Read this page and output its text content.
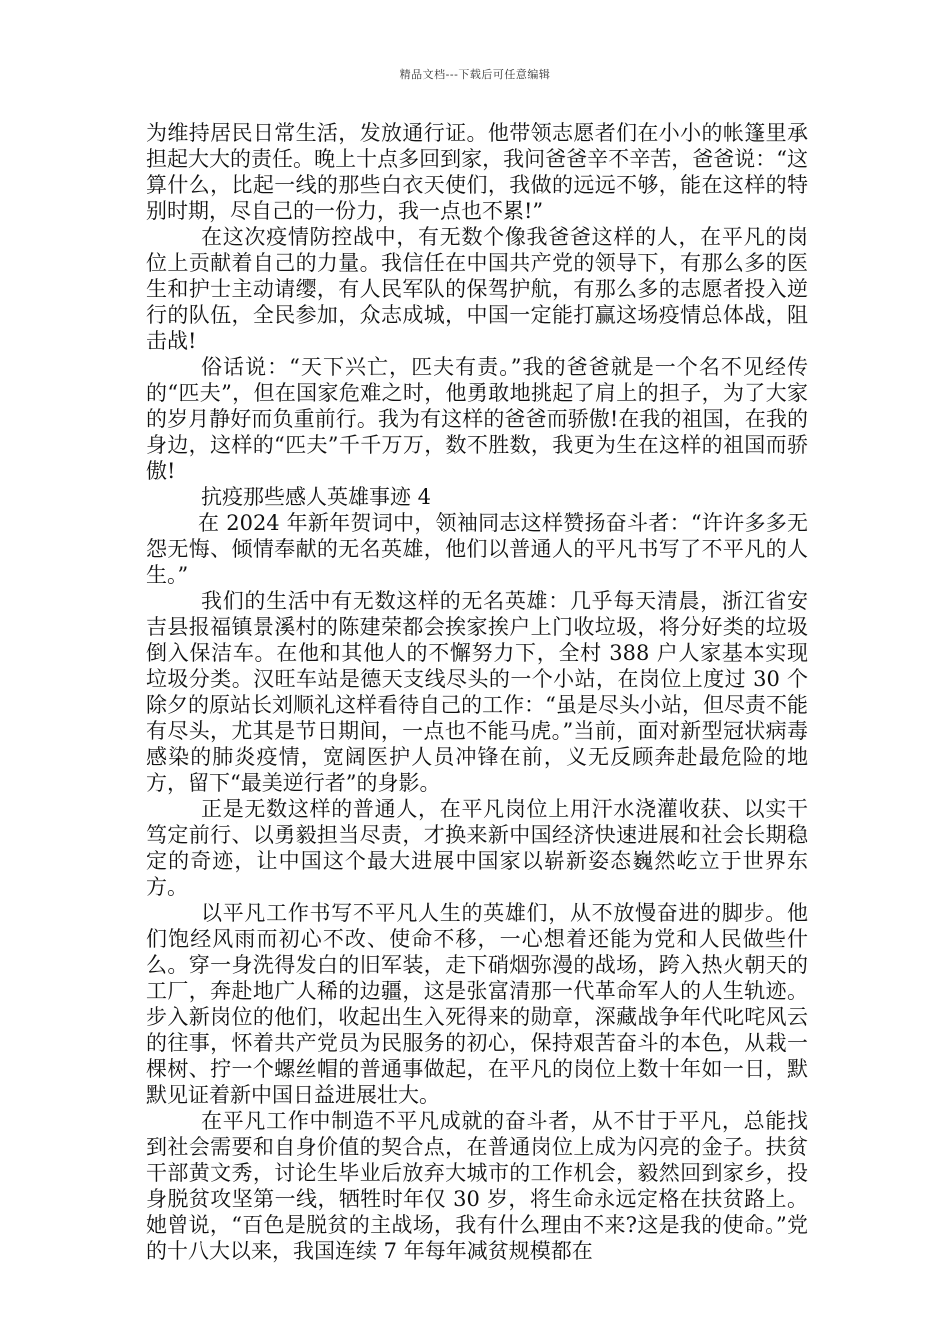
精品文档---下载后可任意编辑

为维持居民日常生活，发放通行证。他带领志愿者们在小小的帐篷里承担起大大的责任。晚上十点多回到家，我问爸爸辛不辛苦，爸爸说：“这算什么，比起一线的那些白衣天使们，我做的远远不够，能在这样的特别时期，尽自己的一份力，我一点也不累!”

在这次疫情防控战中，有无数个像我爸爸这样的人，在平凡的岗位上贡献着自己的力量。我信任在中国共产党的领导下，有那么多的医生和护士主动请缨，有人民军队的保驾护航，有那么多的志愿者投入逆行的队伍，全民参加，众志成城，中国一定能打赢这场疫情总体战，阻击战!

俗话说：“天下兴亡，匹夫有责。”我的爸爸就是一个名不见经传的“匹夫”，但在国家危难之时，他勇敢地挑起了肩上的担子，为了大家的岁月静好而负重前行。我为有这样的爸爸而骄傲!在我的祖国，在我的身边，这样的“匹夫”千千万万，数不胜数，我更为生在这样的祖国而骄傲!

抗疫那些感人英雄事迹 4

在 2024 年新年贺词中，领袖同志这样赞扬奋斗者：“许许多多无怨无悔、倾情奉献的无名英雄，他们以普通人的平凡书写了不平凡的人生。”

我们的生活中有无数这样的无名英雄：几乎每天清晨，浙江省安吉县报福镇景溪村的陈建荣都会挨家挨户上门收垃圾，将分好类的垃圾倒入保洁车。在他和其他人的不懈努力下，全村 388 户人家基本实现垃圾分类。汉旺车站是德天支线尽头的一个小站，在岗位上度过 30 个除夕的原站长刘顺礼这样看待自己的工作：“虽是尽头小站，但尽责不能有尽头，尤其是节日期间，一点也不能马虎。”当前，面对新型冠状病毒感染的肺炎疫情，宽阔医护人员冲锋在前，义无反顾奔赴最危险的地方，留下“最美逆行者”的身影。

正是无数这样的普通人，在平凡岗位上用汗水浇灌收获、以实干笃定前行、以勇毅担当尽责，才换来新中国经济快速进展和社会长期稳定的奇迹，让中国这个最大进展中国家以崭新姿态巍然屹立于世界东方。

以平凡工作书写不平凡人生的英雄们，从不放慢奋进的脚步。他们饱经风雨而初心不改、使命不移，一心想着还能为党和人民做些什么。穿一身洗得发白的旧军装，走下硝烟弥漫的战场，跨入热火朝天的工厂，奔赴地广人稀的边疆，这是张富清那一代革命军人的人生轨迹。步入新岗位的他们，收起出生入死得来的勋章，深藏战争年代叱咤风云的往事，怀着共产党员为民服务的初心，保持艰苦奋斗的本色，从栽一棵树、拧一个螺丝帽的普通事做起，在平凡的岗位上数十年如一日，默默见证着新中国日益进展壮大。

在平凡工作中制造不平凡成就的奋斗者，从不甘于平凡，总能找到社会需要和自身价值的契合点，在普通岗位上成为闪亮的金子。扶贫干部黄文秀，讨论生毕业后放弃大城市的工作机会，毅然回到家乡，投身脱贫攻坚第一线，牺牲时年仅 30 岁，将生命永远定格在扶贫路上。她曾说，“百色是脱贫的主战场，我有什么理由不来?这是我的使命。”党的十八大以来，我国连续 7 年每年减贫规模都在
